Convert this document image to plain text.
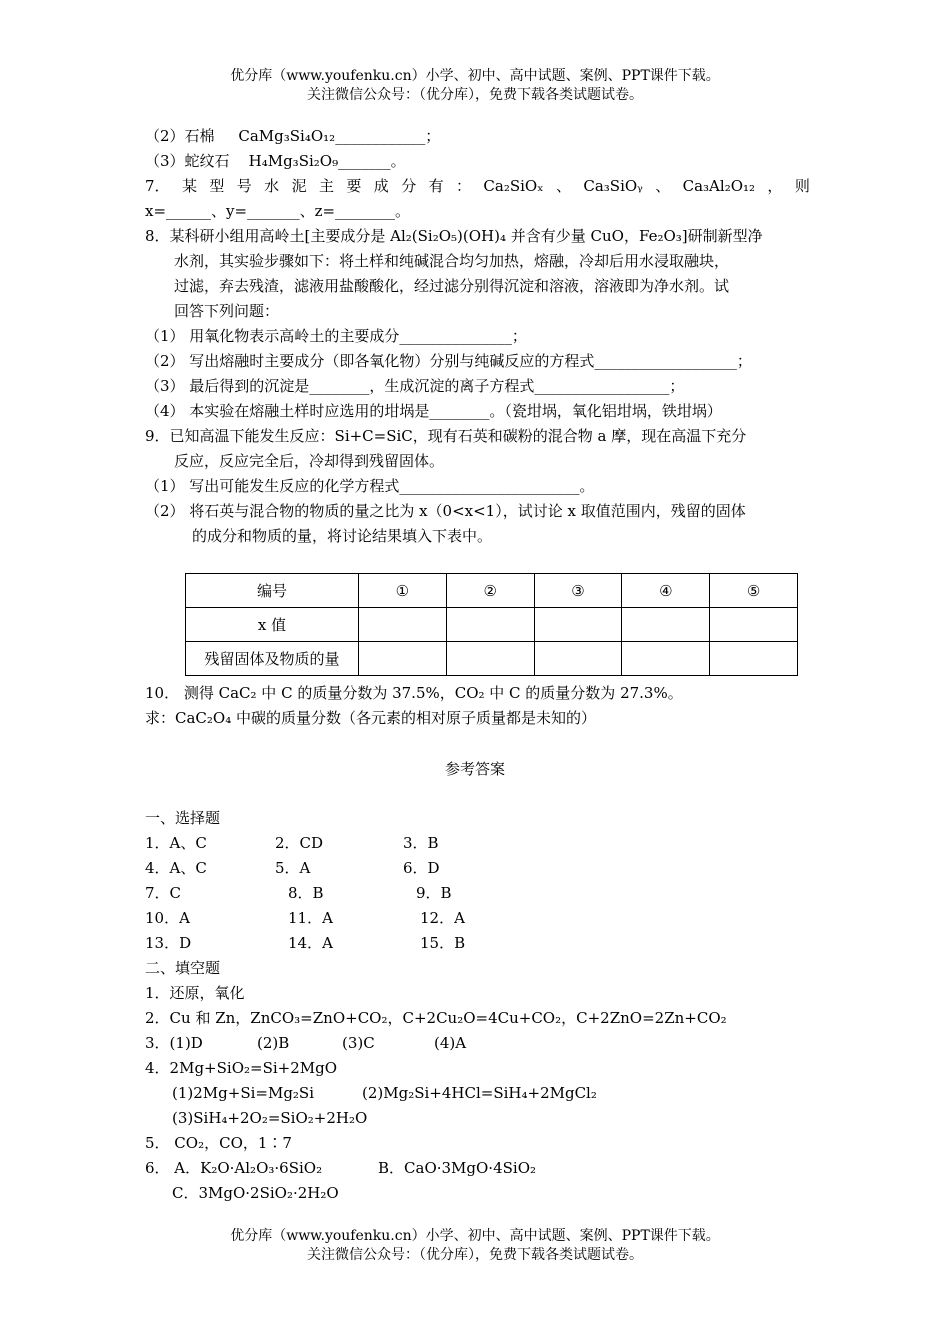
优分库（www.youfenku.cn）小学、初中、高中试题、案例、PPT课件下载。
关注微信公众号：（优分库），免费下载各类试题试卷。
（2）石棉 CaMg₃Si₄O₁₂____________；
（3）蛇纹石 H₄Mg₃Si₂O₉_______。
7． 某 型 号 水 泥 主 要 成 分 有 ： Ca₂SiOₓ 、 Ca₃SiOᵧ 、 Ca₃Al₂O₁₂ ， 则
x=______、y=_______、z=________。
8．某科研小组用高岭土[主要成分是 Al₂(Si₂O₅)(OH)₄ 并含有少量 CuO，Fe₂O₃]研制新型净
水剂，其实验步骤如下：将土样和纯碱混合均匀加热，熔融，冷却后用水浸取融块，
过滤，弃去残渣，滤液用盐酸酸化，经过滤分别得沉淀和溶液，溶液即为净水剂。试
回答下列问题：
（1） 用氧化物表示高岭土的主要成分_______________；
（2） 写出熔融时主要成分（即各氧化物）分别与纯碱反应的方程式___________________；
（3） 最后得到的沉淀是________，生成沉淀的离子方程式__________________；
（4） 本实验在熔融土样时应选用的坩埚是________。（瓷坩埚，氧化铝坩埚，铁坩埚）
9．已知高温下能发生反应：Si+C=SiC，现有石英和碳粉的混合物 a 摩，现在高温下充分
反应，反应完全后，冷却得到残留固体。
（1） 写出可能发生反应的化学方程式________________________。
（2） 将石英与混合物的物质的量之比为 x（0<x<1），试讨论 x 取值范围内，残留的固体
的成分和物质的量，将讨论结果填入下表中。
编号	①	②	③	④	⑤
x 值					
残留固体及物质的量					
10． 测得 CaC₂ 中 C 的质量分数为 37.5%，CO₂ 中 C 的质量分数为 27.3%。
求：CaC₂O₄ 中碳的质量分数（各元素的相对原子质量都是未知的）
参考答案
一、选择题
1．A、C	2．CD	3．B
4．A、C	5．A	6．D
7．C	8．B	9．B
10．A	11．A	12．A
13．D	14．A	15．B
二、填空题
1．还原，氧化
2．Cu 和 Zn，ZnCO₃=ZnO+CO₂，C+2Cu₂O=4Cu+CO₂，C+2ZnO=2Zn+CO₂
3．(1)D	(2)B	(3)C	(4)A
4．2Mg+SiO₂=Si+2MgO
(1)2Mg+Si=Mg₂Si	(2)Mg₂Si+4HCl=SiH₄+2MgCl₂
(3)SiH₄+2O₂=SiO₂+2H₂O
5． CO₂，CO，1∶7
6． A．K₂O·Al₂O₃·6SiO₂	B．CaO·3MgO·4SiO₂
C．3MgO·2SiO₂·2H₂O
优分库（www.youfenku.cn）小学、初中、高中试题、案例、PPT课件下载。
关注微信公众号：（优分库），免费下载各类试题试卷。
